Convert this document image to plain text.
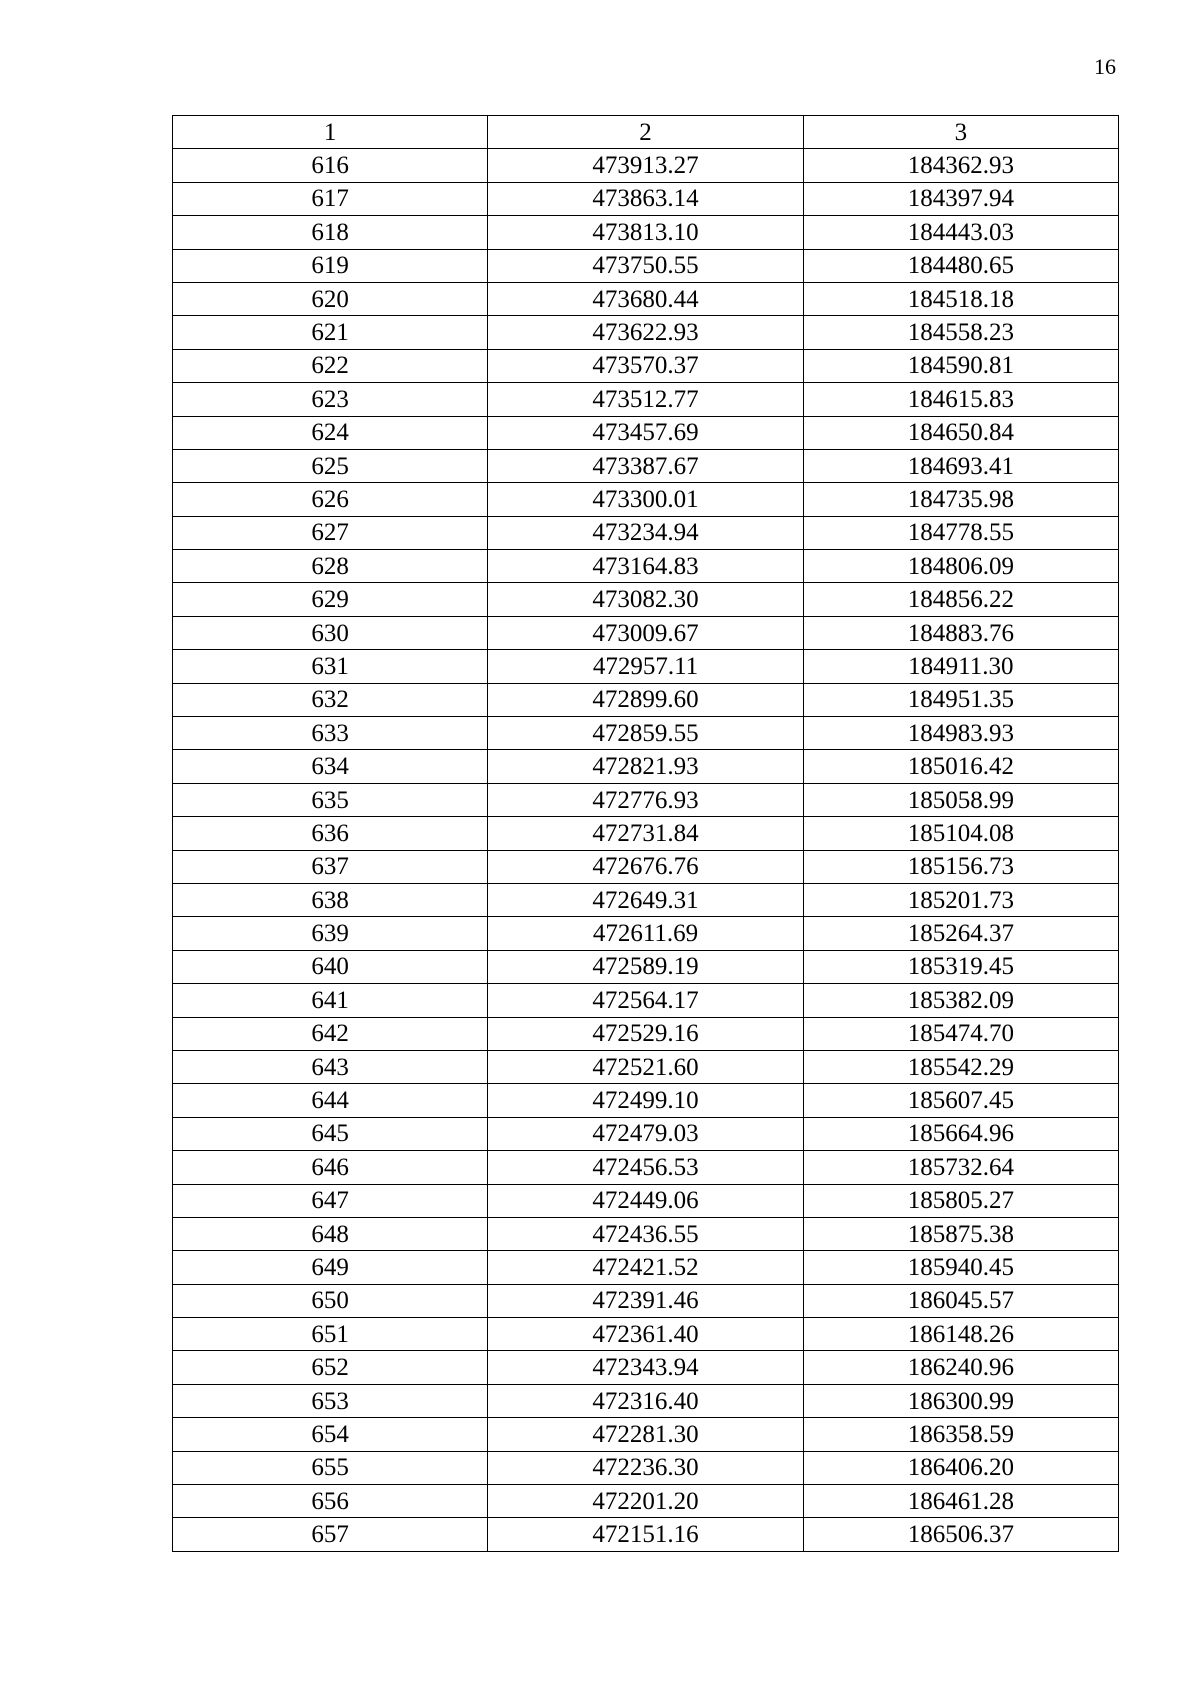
16
1	2	3
616	473913.27	184362.93
617	473863.14	184397.94
618	473813.10	184443.03
619	473750.55	184480.65
620	473680.44	184518.18
621	473622.93	184558.23
622	473570.37	184590.81
623	473512.77	184615.83
624	473457.69	184650.84
625	473387.67	184693.41
626	473300.01	184735.98
627	473234.94	184778.55
628	473164.83	184806.09
629	473082.30	184856.22
630	473009.67	184883.76
631	472957.11	184911.30
632	472899.60	184951.35
633	472859.55	184983.93
634	472821.93	185016.42
635	472776.93	185058.99
636	472731.84	185104.08
637	472676.76	185156.73
638	472649.31	185201.73
639	472611.69	185264.37
640	472589.19	185319.45
641	472564.17	185382.09
642	472529.16	185474.70
643	472521.60	185542.29
644	472499.10	185607.45
645	472479.03	185664.96
646	472456.53	185732.64
647	472449.06	185805.27
648	472436.55	185875.38
649	472421.52	185940.45
650	472391.46	186045.57
651	472361.40	186148.26
652	472343.94	186240.96
653	472316.40	186300.99
654	472281.30	186358.59
655	472236.30	186406.20
656	472201.20	186461.28
657	472151.16	186506.37
